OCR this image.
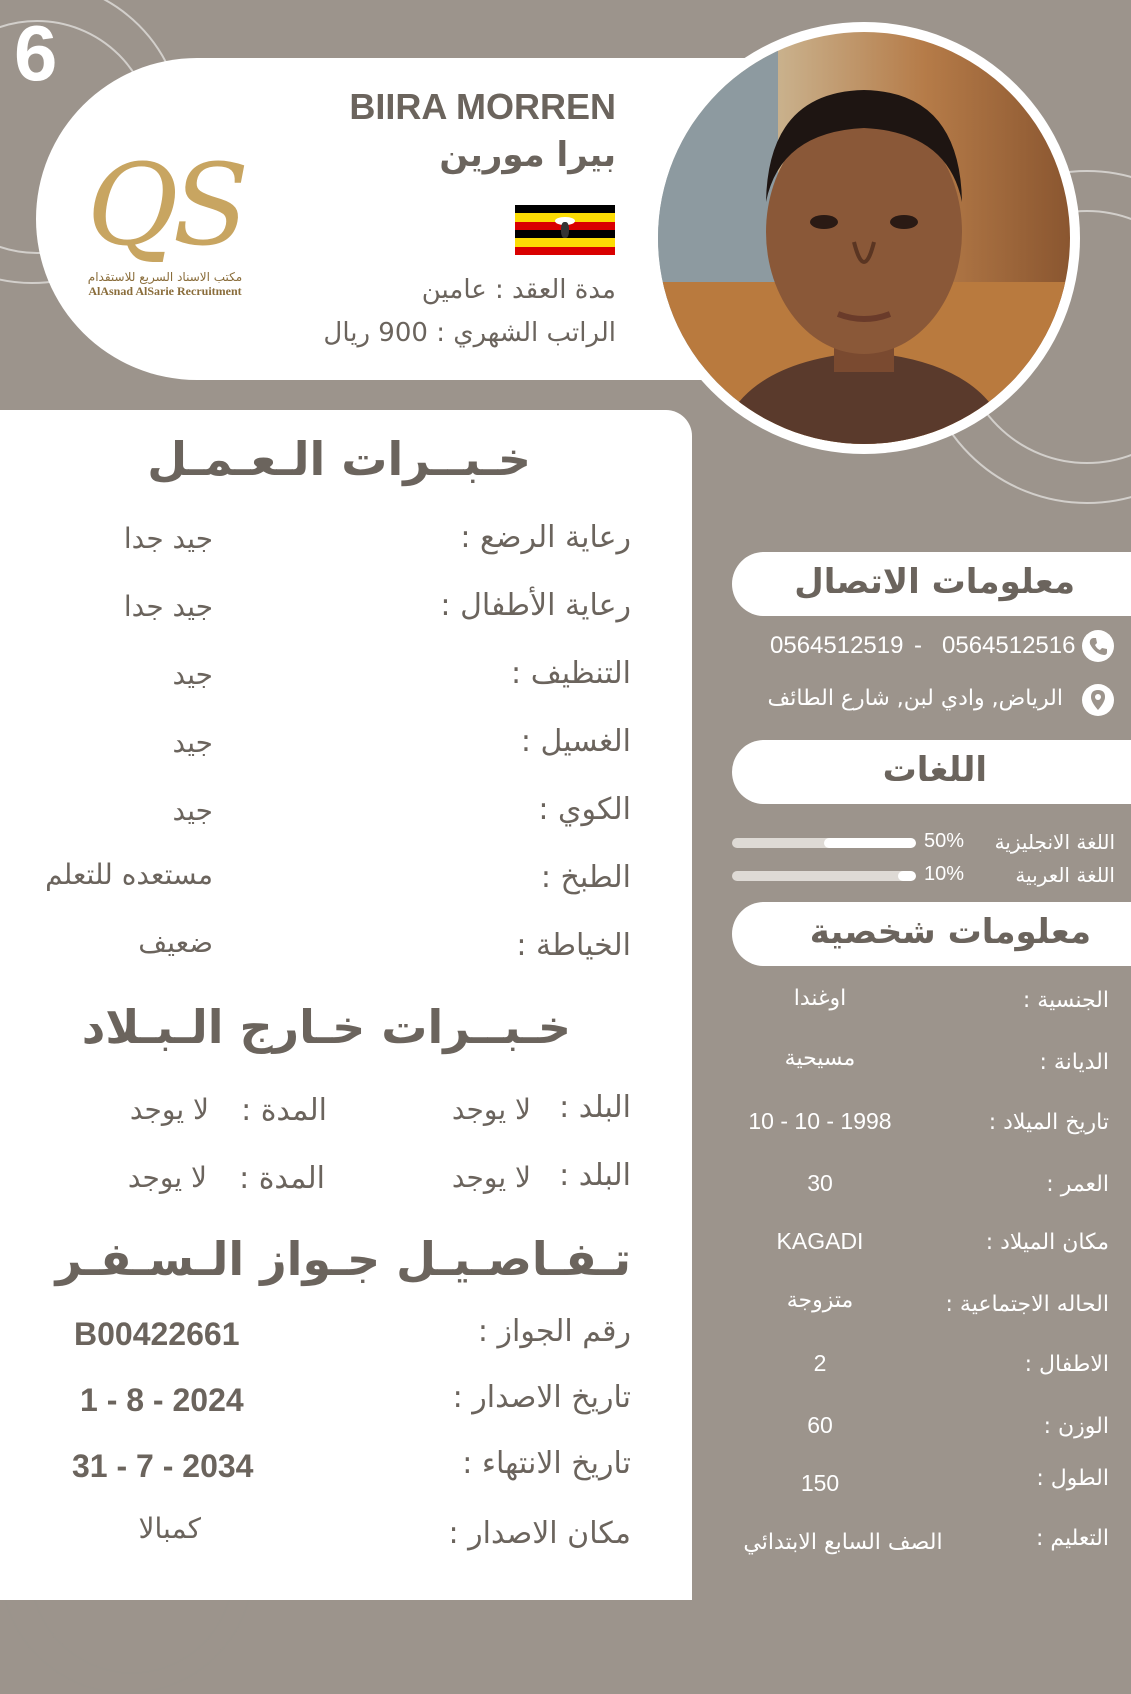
6
QS
مكتب الاسناد السريع للاستقدام
AlAsnad AlSarie Recruitment
BIIRA MORREN
بيرا مورين
مدة العقد : عامين
الراتب الشهري : 900 ريال
خـبــرات الـعـمـل
رعاية الرضع :
جيد جدا
رعاية الأطفال :
جيد جدا
التنظيف :
جيد
الغسيل :
جيد
الكوي :
جيد
الطبخ :
مستعده للتعلم
الخياطة :
ضعيف
خـبــرات خـارج الـبـلاد
البلد :
لا يوجد
المدة :
لا يوجد
البلد :
لا يوجد
المدة :
لا يوجد
تـفـاصـيـل جـواز الـسـفـر
رقم الجواز :
B00422661
تاريخ الاصدار :
1 - 8 - 2024
تاريخ الانتهاء :
31 - 7 - 2034
مكان الاصدار :
كمبالا
معلومات الاتصال
0564512516
-
0564512519
الرياض, وادي لبن, شارع الطائف
اللغات
اللغة الانجليزية
50%
اللغة العربية
10%
معلومات شخصية
الجنسية :
اوغندا
الديانة :
مسيحية
تاريخ الميلاد :
10 - 10 - 1998
العمر :
30
مكان الميلاد :
KAGADI
الحاله الاجتماعية :
متزوجة
الاطفال :
2
الوزن :
60
الطول :
150
التعليم :
الصف السابع الابتدائي
